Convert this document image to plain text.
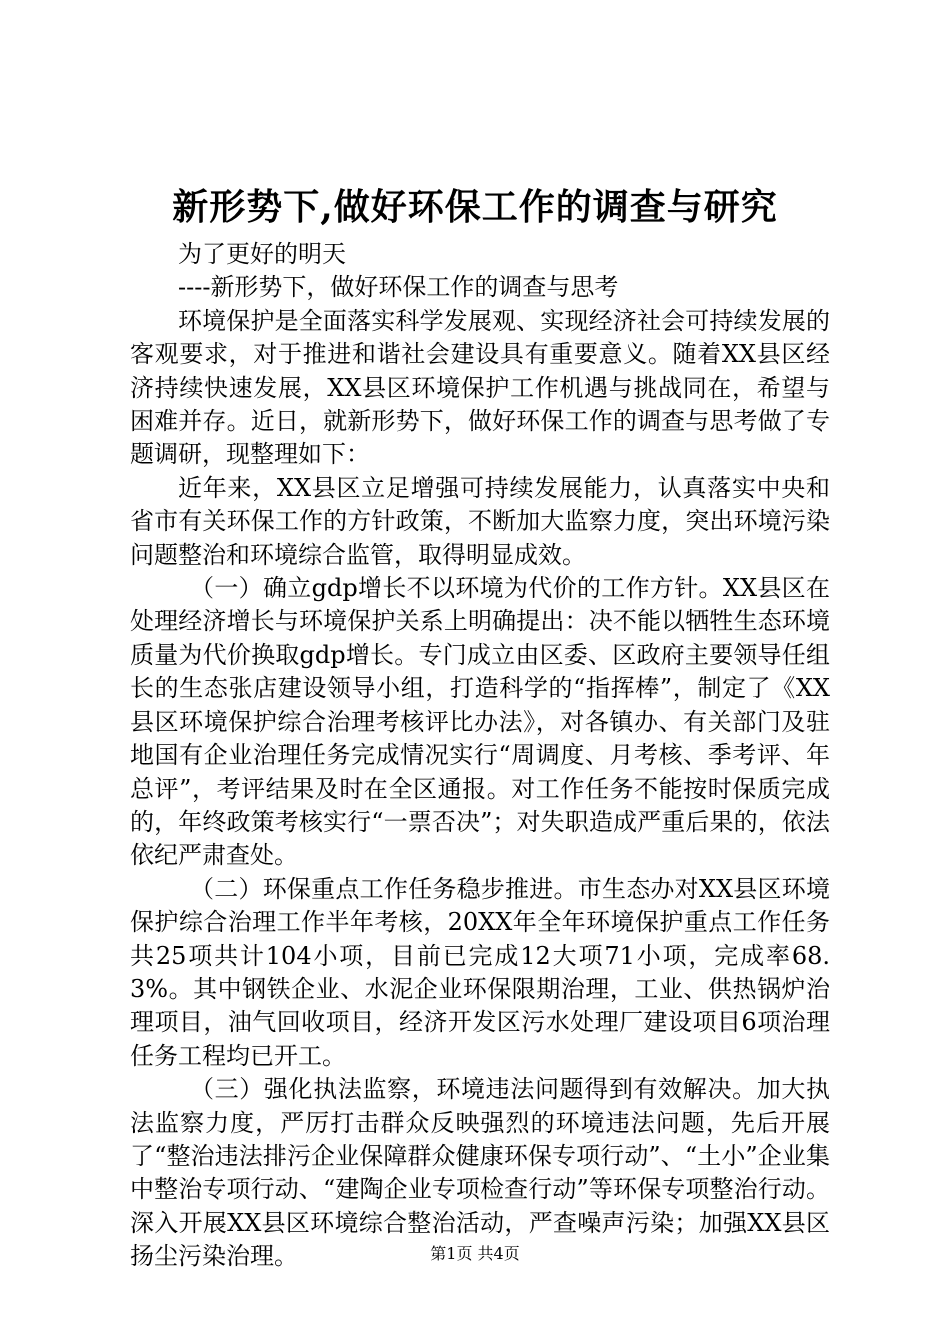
新形势下,做好环保工作的调查与研究

为了更好的明天

----新形势下，做好环保工作的调查与思考

环境保护是全面落实科学发展观、实现经济社会可持续发展的客观要求，对于推进和谐社会建设具有重要意义。随着XX县区经济持续快速发展，XX县区环境保护工作机遇与挑战同在，希望与困难并存。近日，就新形势下，做好环保工作的调查与思考做了专题调研，现整理如下：

近年来，XX县区立足增强可持续发展能力，认真落实中央和省市有关环保工作的方针政策，不断加大监察力度，突出环境污染问题整治和环境综合监管，取得明显成效。

（一）确立gdp增长不以环境为代价的工作方针。XX县区在处理经济增长与环境保护关系上明确提出：决不能以牺牲生态环境质量为代价换取gdp增长。专门成立由区委、区政府主要领导任组长的生态张店建设领导小组，打造科学的“指挥棒”，制定了《XX县区环境保护综合治理考核评比办法》，对各镇办、有关部门及驻地国有企业治理任务完成情况实行“周调度、月考核、季考评、年总评”，考评结果及时在全区通报。对工作任务不能按时保质完成的，年终政策考核实行“一票否决”；对失职造成严重后果的，依法依纪严肃查处。

（二）环保重点工作任务稳步推进。市生态办对XX县区环境保护综合治理工作半年考核，20XX年全年环境保护重点工作任务共25项共计104小项，目前已完成12大项71小项，完成率68.3%。其中钢铁企业、水泥企业环保限期治理，工业、供热锅炉治理项目，油气回收项目，经济开发区污水处理厂建设项目6项治理任务工程均已开工。

（三）强化执法监察，环境违法问题得到有效解决。加大执法监察力度，严厉打击群众反映强烈的环境违法问题，先后开展了“整治违法排污企业保障群众健康环保专项行动”、“土小”企业集中整治专项行动、“建陶企业专项检查行动”等环保专项整治行动。深入开展XX县区环境综合整治活动，严查噪声污染；加强XX县区扬尘污染治理。	第1页 共4页
